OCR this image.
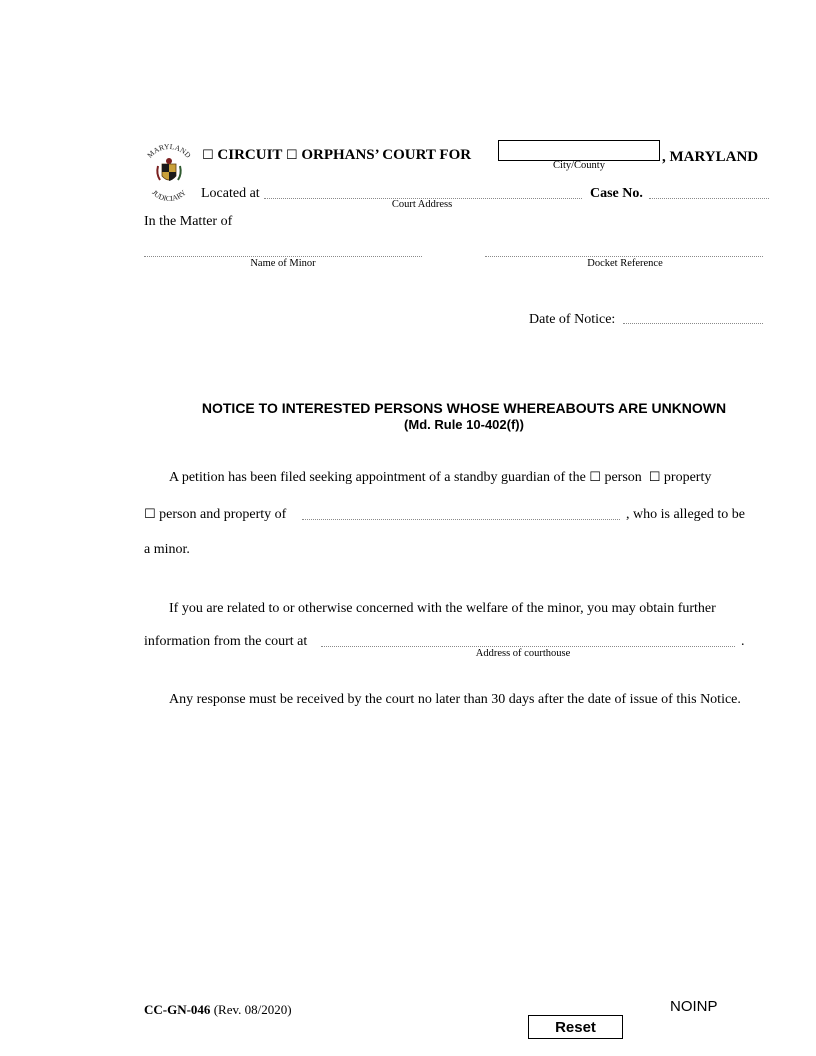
MARYLAND
JUDICIARY
☐ CIRCUIT ☐ ORPHANS’ COURT FOR
City/County
, MARYLAND
Located at
Court Address
Case No.
In the Matter of
Name of Minor	Docket Reference
Date of Notice:
NOTICE TO INTERESTED PERSONS WHOSE WHEREABOUTS ARE UNKNOWN
(Md. Rule 10-402(f))
A petition has been filed seeking appointment of a standby guardian of the ☐ person ☐ property
☐ person and property of	, who is alleged to be
a minor.
If you are related to or otherwise concerned with the welfare of the minor, you may obtain further
information from the court at	.
Address of courthouse
Any response must be received by the court no later than 30 days after the date of issue of this Notice.
CC-GN-046 (Rev. 08/2020)	NOINP
Reset
